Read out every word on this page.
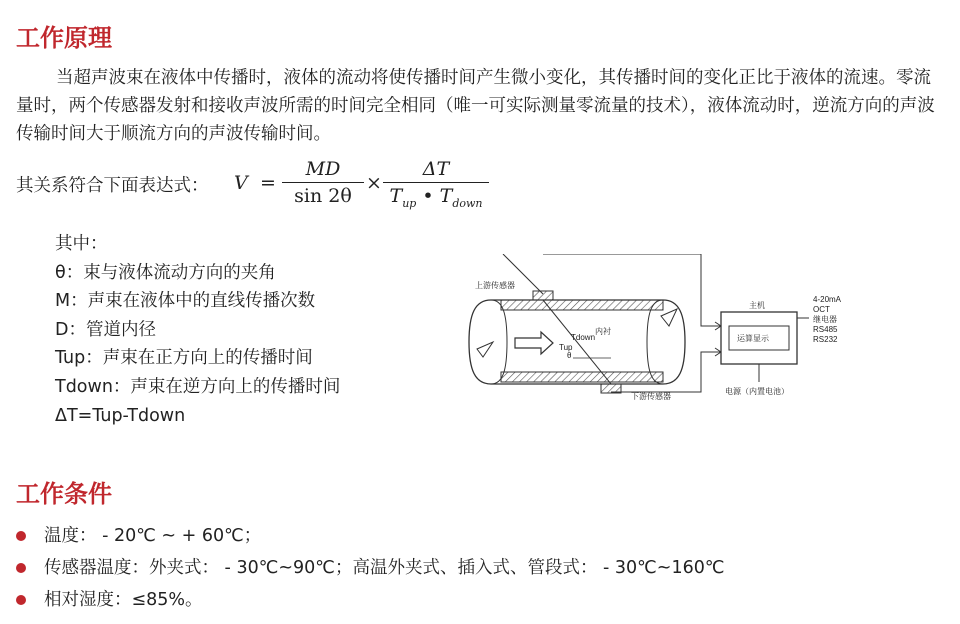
工作原理
当超声波束在液体中传播时，液体的流动将使传播时间产生微小变化，其传播时间的变化正比于液体的流速。零流量时，两个传感器发射和接收声波所需的时间完全相同（唯一可实际测量零流量的技术），液体流动时，逆流方向的声波传输时间大于顺流方向的声波传输时间。
其关系符合下面表达式： V =
MD
sin 2θ
×
ΔT
$T_{up}$ • $T_{down}$
其中：
θ：束与液体流动方向的夹角
M：声束在液体中的直线传播次数
D：管道内径
Tup：声束在正方向上的传播时间
Tdown：声束在逆方向上的传播时间
ΔT=Tup-Tdown
上游传感器
下游传感器
Tdown
Tup
θ
内衬
主机
运算显示
4-20mA
OCT
继电器
RS485
RS232
电源（内置电池）
工作条件
温度： - 20℃ ~ + 60℃；
传感器温度：外夹式： - 30℃~90℃；高温外夹式、插入式、管段式： - 30℃~160℃
相对湿度：≤85%。
